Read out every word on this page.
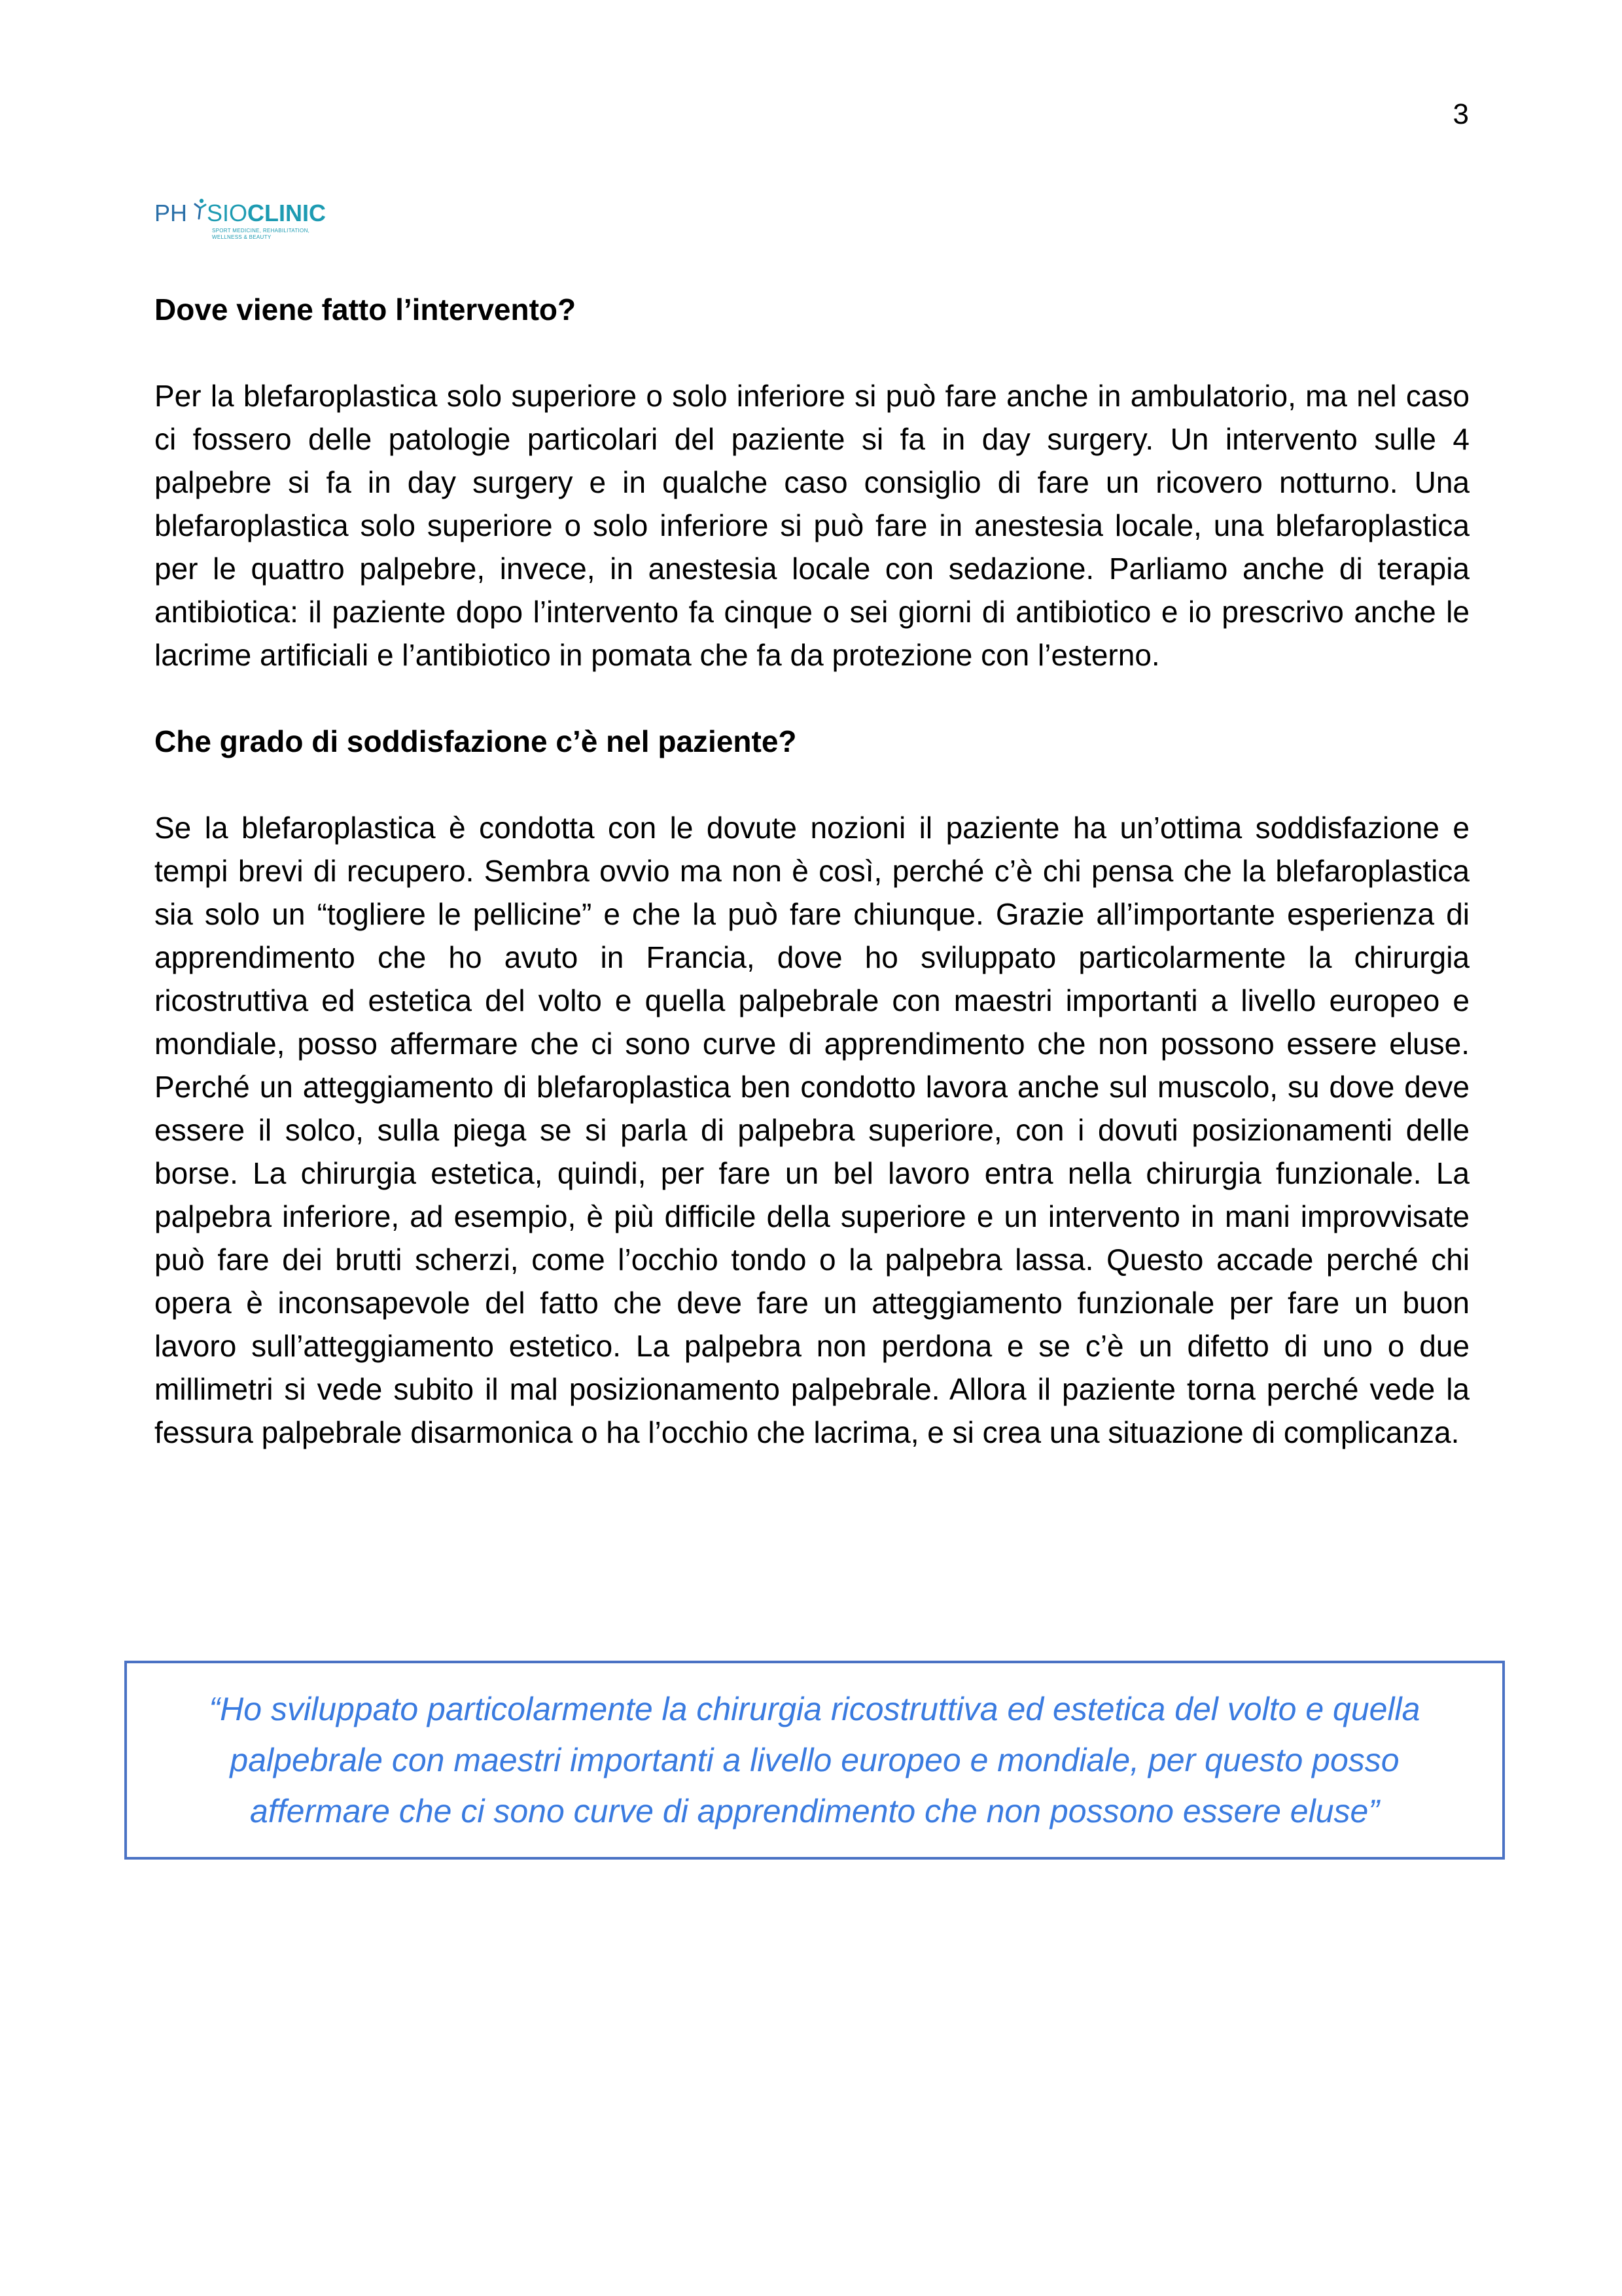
3
PH SIOCLINIC
SPORT MEDICINE, REHABILITATION, WELLNESS & BEAUTY

Dove viene fatto l’intervento?

Per la blefaroplastica solo superiore o solo inferiore si può fare anche in ambulatorio, ma nel caso ci fossero delle patologie particolari del paziente si fa in day surgery. Un intervento sulle 4 palpebre si fa in day surgery e in qualche caso consiglio di fare un ricovero notturno. Una blefaroplastica solo superiore o solo inferiore si può fare in anestesia locale, una blefaroplastica per le quattro palpebre, invece, in anestesia locale con sedazione. Parliamo anche di terapia antibiotica: il paziente dopo l’intervento fa cinque o sei giorni di antibiotico e io prescrivo anche le lacrime artificiali e l’antibiotico in pomata che fa da protezione con l’esterno.

Che grado di soddisfazione c’è nel paziente?

Se la blefaroplastica è condotta con le dovute nozioni il paziente ha un’ottima soddisfazione e tempi brevi di recupero. Sembra ovvio ma non è così, perché c’è chi pensa che la blefaroplastica sia solo un “togliere le pellicine” e che la può fare chiunque. Grazie all’importante esperienza di apprendimento che ho avuto in Francia, dove ho sviluppato particolarmente la chirurgia ricostruttiva ed estetica del volto e quella palpebrale con maestri importanti a livello europeo e mondiale, posso affermare che ci sono curve di apprendimento che non possono essere eluse. Perché un atteggiamento di blefaroplastica ben condotto lavora anche sul muscolo, su dove deve essere il solco, sulla piega se si parla di palpebra superiore, con i dovuti posizionamenti delle borse. La chirurgia estetica, quindi, per fare un bel lavoro entra nella chirurgia funzionale. La palpebra inferiore, ad esempio, è più difficile della superiore e un intervento in mani improvvisate può fare dei brutti scherzi, come l’occhio tondo o la palpebra lassa. Questo accade perché chi opera è inconsapevole del fatto che deve fare un atteggiamento funzionale per fare un buon lavoro sull’atteggiamento estetico. La palpebra non perdona e se c’è un difetto di uno o due millimetri si vede subito il mal posizionamento palpebrale. Allora il paziente torna perché vede la fessura palpebrale disarmonica o ha l’occhio che lacrima, e si crea una situazione di complicanza.

“Ho sviluppato particolarmente la chirurgia ricostruttiva ed estetica del volto e quella palpebrale con maestri importanti a livello europeo e mondiale, per questo posso affermare che ci sono curve di apprendimento che non possono essere eluse”
